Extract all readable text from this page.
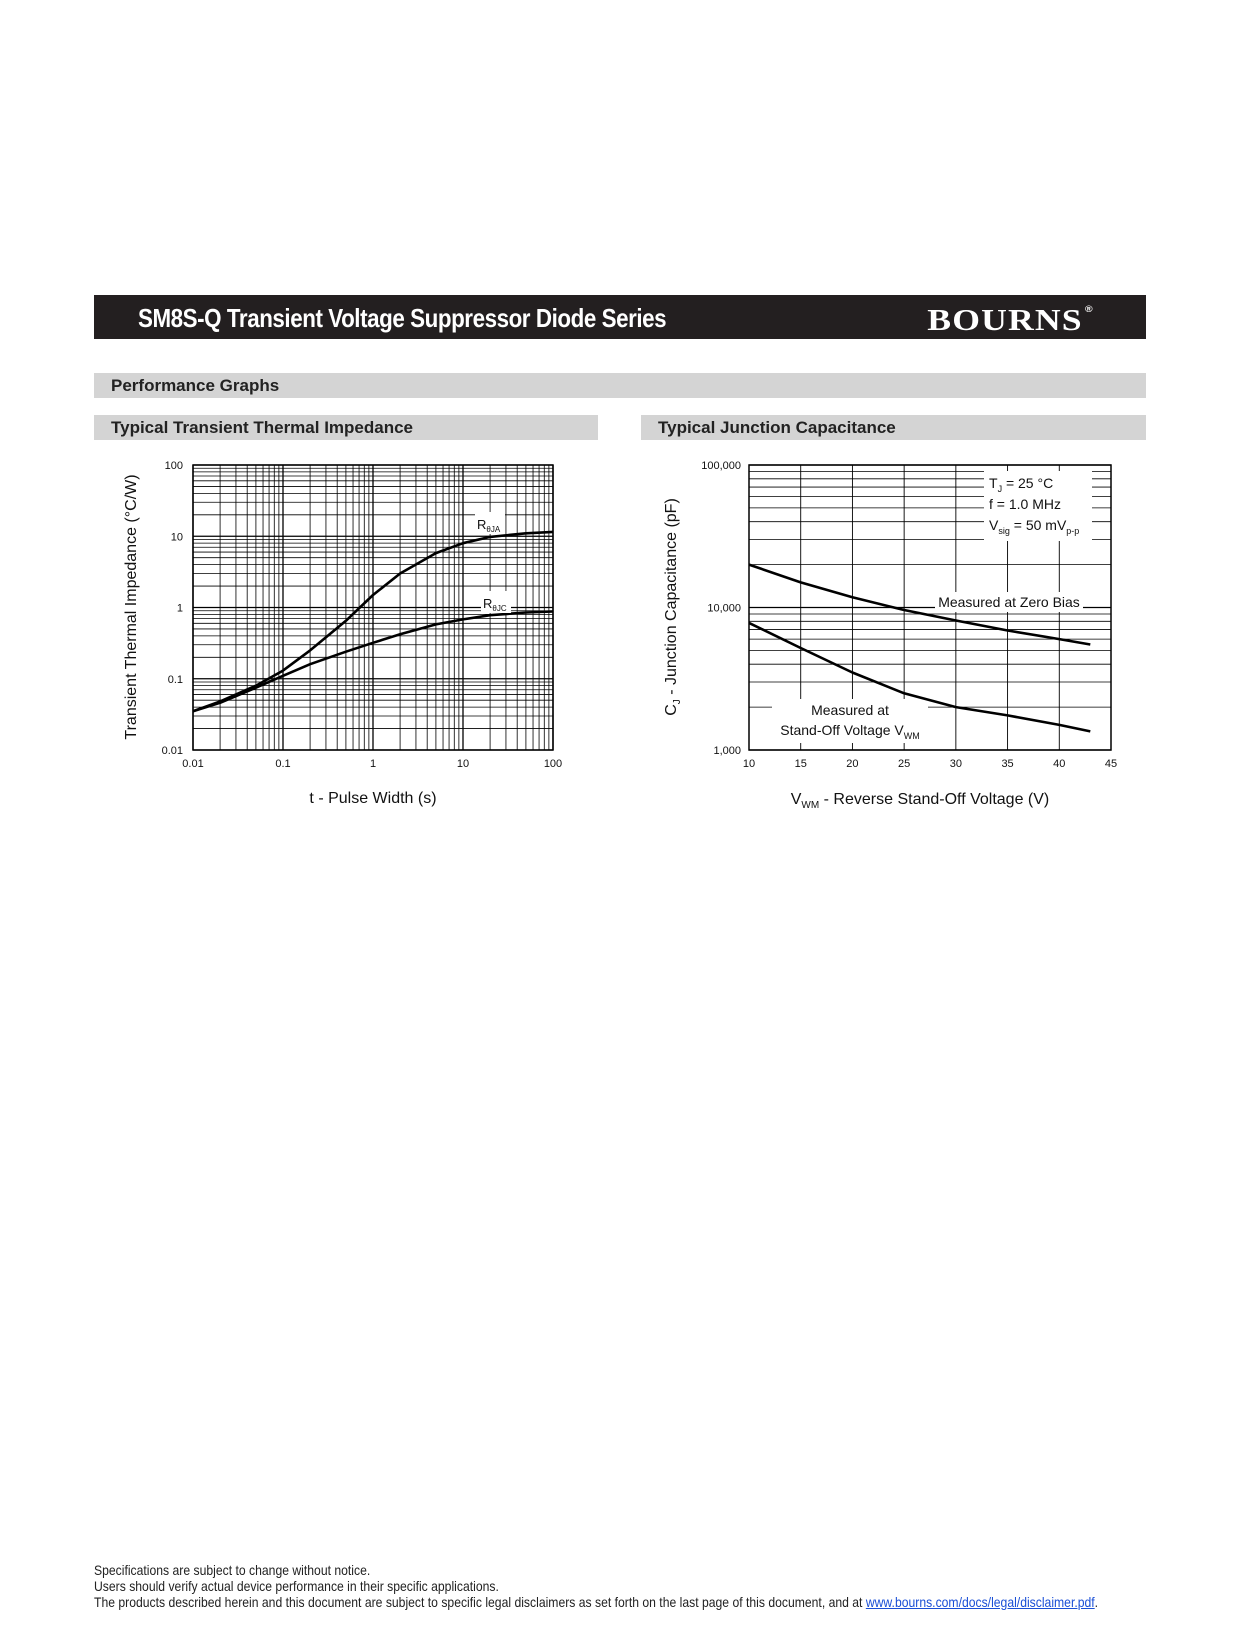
SM8S-Q Transient Voltage Suppressor Diode Series	BOURNS ®
Performance Graphs
Typical Transient Thermal Impedance	Typical Junction Capacitance
0.01
0.1
1
10
100
0.01	0.1	1	10	100
$R_{\theta JA}$
$R_{\theta JC}$
t - Pulse Width (s)
Transient Thermal Impedance (°C/W)
1,000
10,000
100,000
10	15	20	25	30	35	40	45
$T_J = 25$ °C
f = 1.0 MHz
$V_{sig} = 50$ $mV_{p-p}$
Measured at Zero Bias
Measured at
Stand-Off Voltage $V_{WM}$
$V_{WM}$ - Reverse Stand-Off Voltage (V)
$C_J$ - Junction Capacitance (pF)
Specifications are subject to change without notice.
Users should verify actual device performance in their specific applications.
The products described herein and this document are subject to specific legal disclaimers as set forth on the last page of this document, and at www.bourns.com/docs/legal/disclaimer.pdf.
